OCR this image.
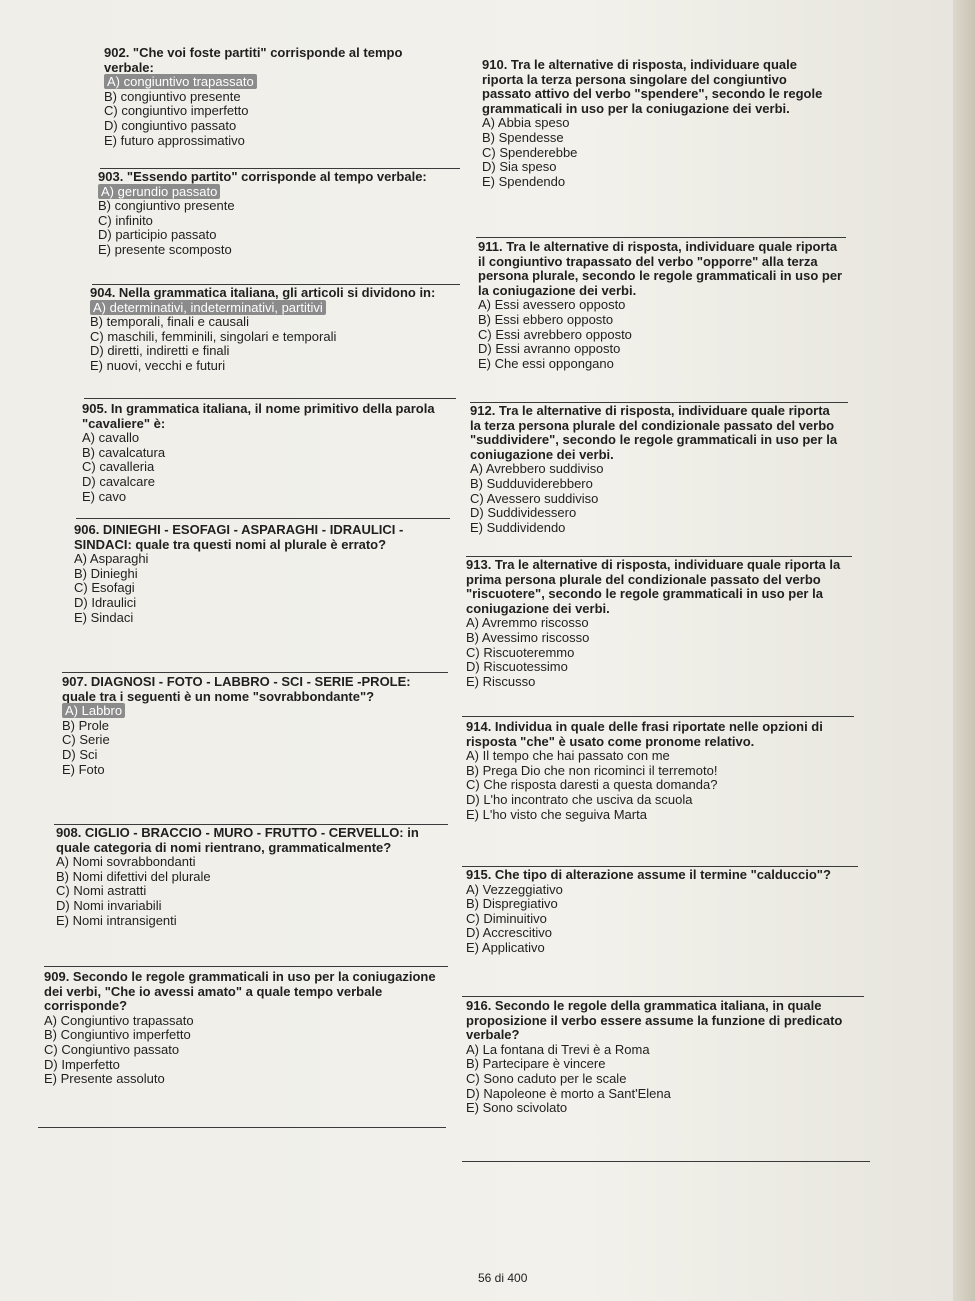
902. "Che voi foste partiti" corrisponde al tempo verbale:

A) congiuntivo trapassato

B) congiuntivo presente

C) congiuntivo imperfetto

D) congiuntivo passato

E) futuro approssimativo

903. "Essendo partito" corrisponde al tempo verbale:

A) gerundio passato

B) congiuntivo presente

C) infinito

D) participio passato

E) presente scomposto

904. Nella grammatica italiana, gli articoli si dividono in:

A) determinativi, indeterminativi, partitivi

B) temporali, finali e causali

C) maschili, femminili, singolari e temporali

D) diretti, indiretti e finali

E) nuovi, vecchi e futuri

905. In grammatica italiana, il nome primitivo della parola "cavaliere" è:

A) cavallo

B) cavalcatura

C) cavalleria

D) cavalcare

E) cavo

906. DINIEGHI - ESOFAGI - ASPARAGHI - IDRAULICI - SINDACI: quale tra questi nomi al plurale è errato?

A) Asparaghi

B) Dinieghi

C) Esofagi

D) Idraulici

E) Sindaci

907. DIAGNOSI - FOTO - LABBRO - SCI - SERIE -PROLE: quale tra i seguenti è un nome "sovrabbondante"?

A) Labbro

B) Prole

C) Serie

D) Sci

E) Foto

908. CIGLIO - BRACCIO - MURO - FRUTTO - CERVELLO: in quale categoria di nomi rientrano, grammaticalmente?

A) Nomi sovrabbondanti

B) Nomi difettivi del plurale

C) Nomi astratti

D) Nomi invariabili

E) Nomi intransigenti

909. Secondo le regole grammaticali in uso per la coniugazione dei verbi, "Che io avessi amato" a quale tempo verbale corrisponde?

A) Congiuntivo trapassato

B) Congiuntivo imperfetto

C) Congiuntivo passato

D) Imperfetto

E) Presente assoluto

910. Tra le alternative di risposta, individuare quale riporta la terza persona singolare del congiuntivo passato attivo del verbo "spendere", secondo le regole grammaticali in uso per la coniugazione dei verbi.

A) Abbia speso

B) Spendesse

C) Spenderebbe

D) Sia speso

E) Spendendo

911. Tra le alternative di risposta, individuare quale riporta il congiuntivo trapassato del verbo "opporre" alla terza persona plurale, secondo le regole grammaticali in uso per la coniugazione dei verbi.

A) Essi avessero opposto

B) Essi ebbero opposto

C) Essi avrebbero opposto

D) Essi avranno opposto

E) Che essi oppongano

912. Tra le alternative di risposta, individuare quale riporta la terza persona plurale del condizionale passato del verbo "suddividere", secondo le regole grammaticali in uso per la coniugazione dei verbi.

A) Avrebbero suddiviso

B) Sudduviderebbero

C) Avessero suddiviso

D) Suddividessero

E) Suddividendo

913. Tra le alternative di risposta, individuare quale riporta la prima persona plurale del condizionale passato del verbo "riscuotere", secondo le regole grammaticali in uso per la coniugazione dei verbi.

A) Avremmo riscosso

B) Avessimo riscosso

C) Riscuoteremmo

D) Riscuotessimo

E) Riscusso

914. Individua in quale delle frasi riportate nelle opzioni di risposta "che" è usato come pronome relativo.

A) Il tempo che hai passato con me

B) Prega Dio che non ricominci il terremoto!

C) Che risposta daresti a questa domanda?

D) L'ho incontrato che usciva da scuola

E) L'ho visto che seguiva Marta

915. Che tipo di alterazione assume il termine "calduccio"?

A) Vezzeggiativo

B) Dispregiativo

C) Diminuitivo

D) Accrescitivo

E) Applicativo

916. Secondo le regole della grammatica italiana, in quale proposizione il verbo essere assume la funzione di predicato verbale?

A) La fontana di Trevi è a Roma

B) Partecipare è vincere

C) Sono caduto per le scale

D) Napoleone è morto a Sant'Elena

E) Sono scivolato

56 di 400
